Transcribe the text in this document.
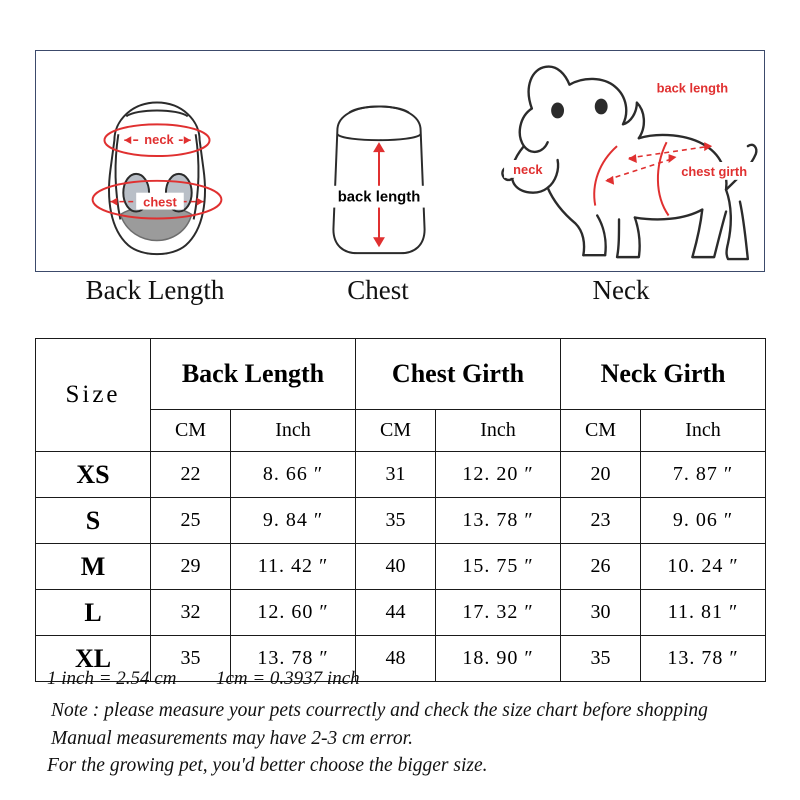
neck
chest	back length
back length
neck	chest girth
Back Length	Chest	Neck
Size	Back Length		Chest Girth		Neck Girth	
	CM	Inch	CM	Inch	CM	Inch
XS	22	8. 66 ″	31	12. 20 ″	20	7. 87 ″
S	25	9. 84 ″	35	13. 78 ″	23	9. 06 ″
M	29	11. 42 ″	40	15. 75 ″	26	10. 24 ″
L	32	12. 60 ″	44	17. 32 ″	30	11. 81 ″
XL	35	13. 78 ″	48	18. 90 ″	35	13. 78 ″
1 inch = 2.54 cm 1cm = 0.3937 inch
Note : please measure your pets courrectly and check the size chart before shopping
Manual measurements may have 2-3 cm error.
For the growing pet, you'd better choose the bigger size.
